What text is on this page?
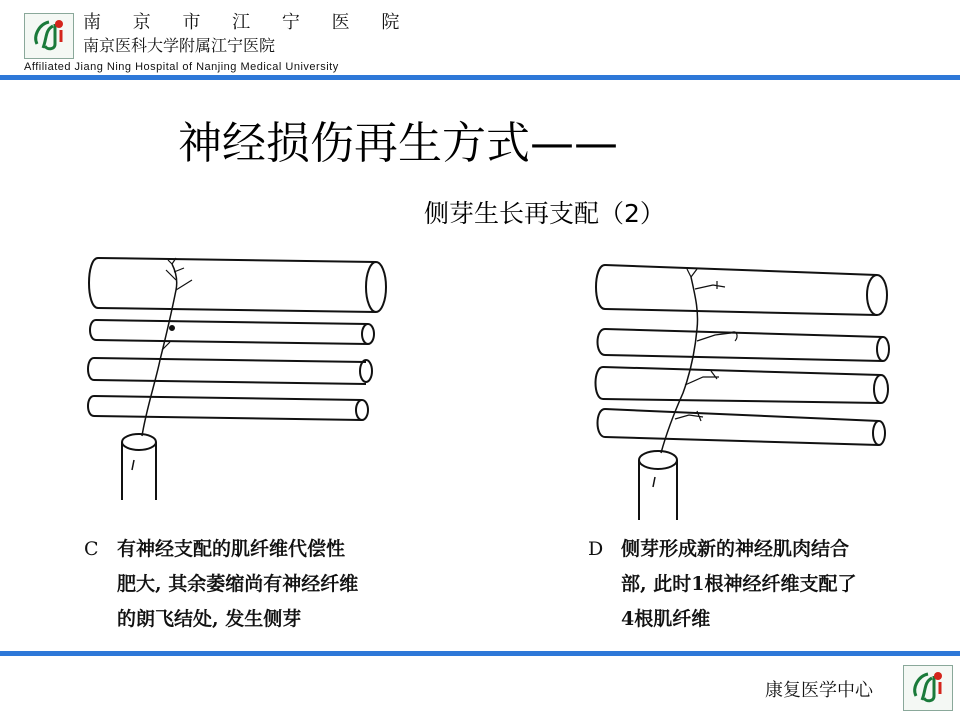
南 京 市 江 宁 医 院
南京医科大学附属江宁医院
Affiliated Jiang Ning Hospital of Nanjing Medical University
神经损伤再生方式——
侧芽生长再支配（2）
C 有神经支配的肌纤维代偿性
肥大, 其余萎缩尚有神经纤维
的朗飞结处, 发生侧芽
D 侧芽形成新的神经肌肉结合
部, 此时1根神经纤维支配了
4根肌纤维
康复医学中心
